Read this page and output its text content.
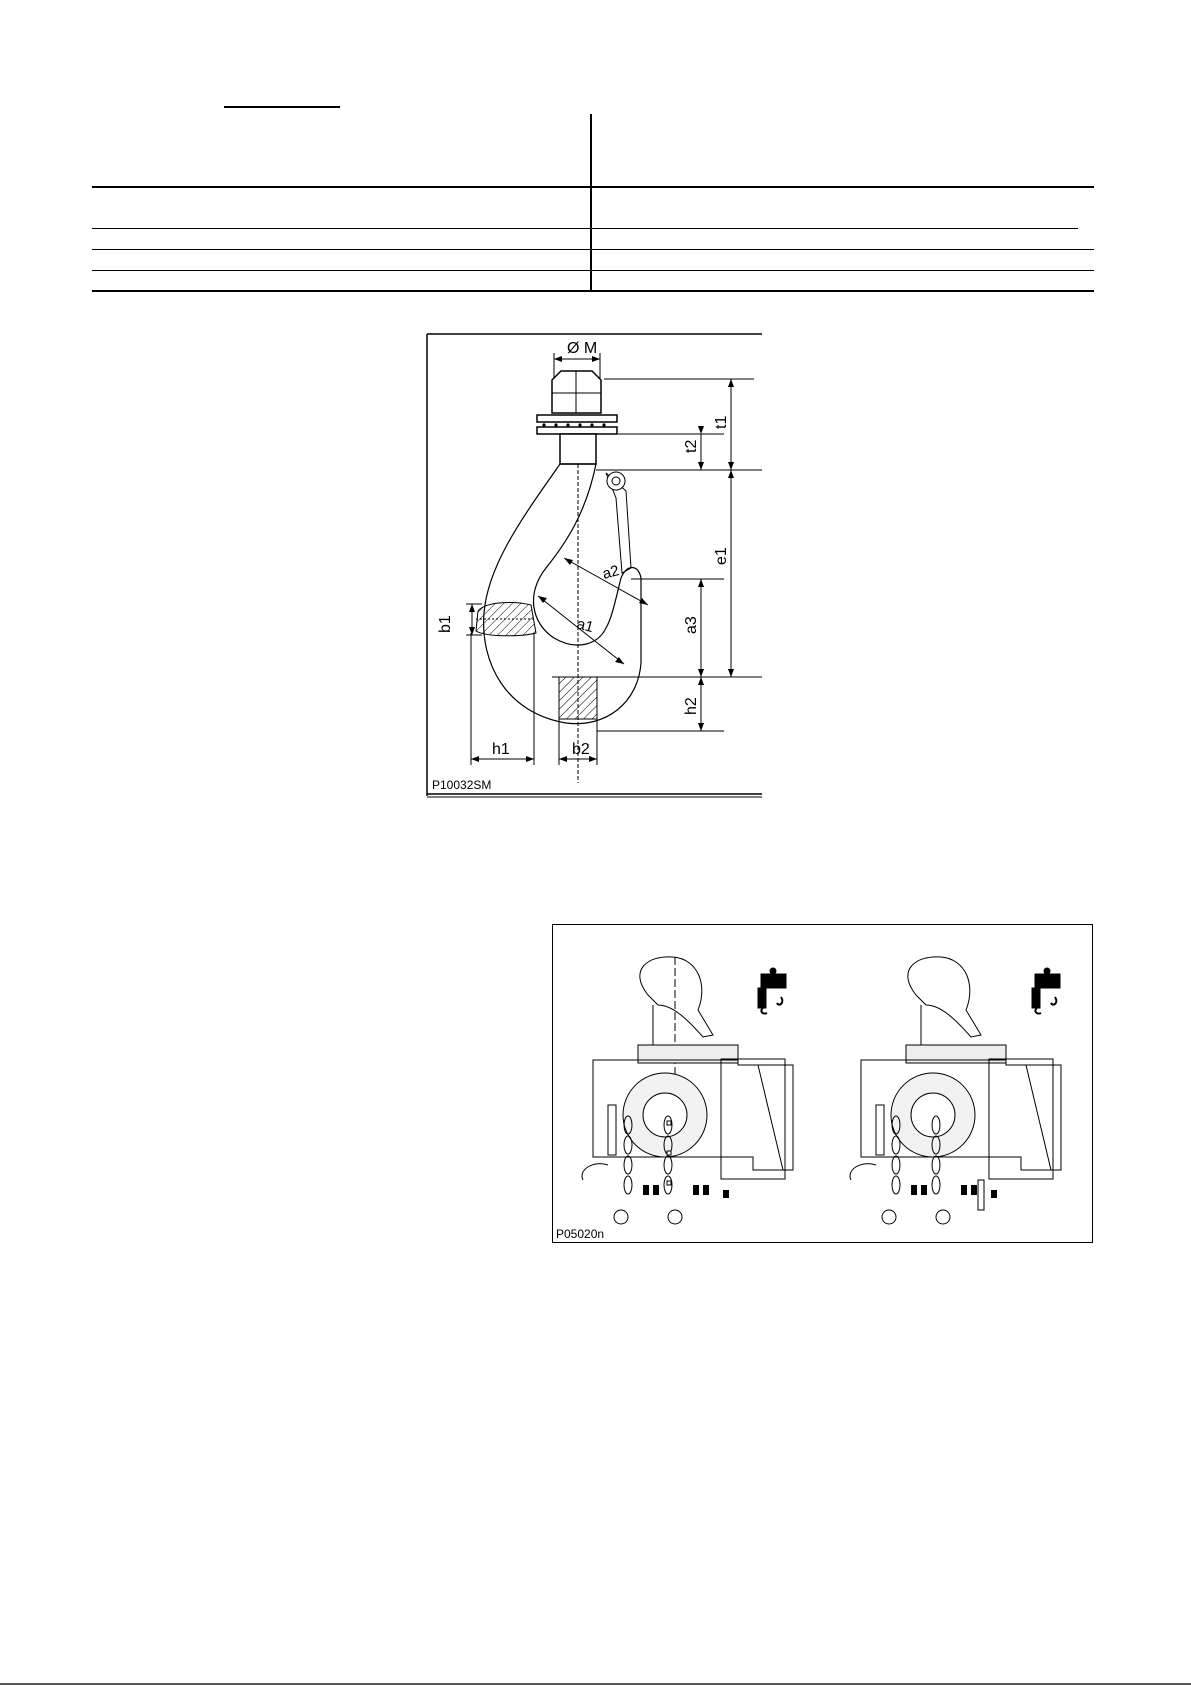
Ø M
t1
t2
e1
a2
a1	a3
b1
h2
h1	b2
P10032SM
P05020n
